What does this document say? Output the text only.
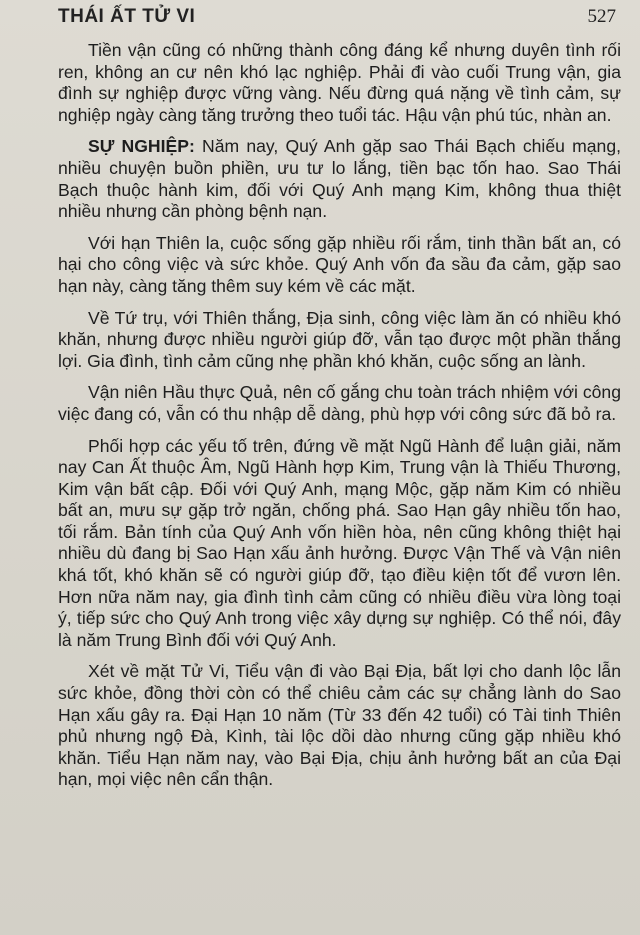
THÁI ẤT TỬ VI	527

Tiền vận cũng có những thành công đáng kể nhưng duyên tình rối ren, không an cư nên khó lạc nghiệp. Phải đi vào cuối Trung vận, gia đình sự nghiệp được vững vàng. Nếu đừng quá nặng về tình cảm, sự nghiệp ngày càng tăng trưởng theo tuổi tác. Hậu vận phú túc, nhàn an.

SỰ NGHIỆP: Năm nay, Quý Anh gặp sao Thái Bạch chiếu mạng, nhiều chuyện buồn phiền, ưu tư lo lắng, tiền bạc tốn hao. Sao Thái Bạch thuộc hành kim, đối với Quý Anh mạng Kim, không thua thiệt nhiều nhưng cần phòng bệnh nạn.

Với hạn Thiên la, cuộc sống gặp nhiều rối rắm, tinh thần bất an, có hại cho công việc và sức khỏe. Quý Anh vốn đa sầu đa cảm, gặp sao hạn này, càng tăng thêm suy kém về các mặt.

Về Tứ trụ, với Thiên thắng, Địa sinh, công việc làm ăn có nhiều khó khăn, nhưng được nhiều người giúp đỡ, vẫn tạo được một phần thắng lợi. Gia đình, tình cảm cũng nhẹ phần khó khăn, cuộc sống an lành.

Vận niên Hầu thực Quả, nên cố gắng chu toàn trách nhiệm với công việc đang có, vẫn có thu nhập dễ dàng, phù hợp với công sức đã bỏ ra.

Phối hợp các yếu tố trên, đứng về mặt Ngũ Hành để luận giải, năm nay Can Ất thuộc Âm, Ngũ Hành hợp Kim, Trung vận là Thiếu Thương, Kim vận bất cập. Đối với Quý Anh, mạng Mộc, gặp năm Kim có nhiều bất an, mưu sự gặp trở ngăn, chống phá. Sao Hạn gây nhiều tốn hao, tối rắm. Bản tính của Quý Anh vốn hiền hòa, nên cũng không thiệt hại nhiều dù đang bị Sao Hạn xấu ảnh hưởng. Được Vận Thế và Vận niên khá tốt, khó khăn sẽ có người giúp đỡ, tạo điều kiện tốt để vươn lên. Hơn nữa năm nay, gia đình tình cảm cũng có nhiều điều vừa lòng toại ý, tiếp sức cho Quý Anh trong việc xây dựng sự nghiệp. Có thể nói, đây là năm Trung Bình đối với Quý Anh.

Xét về mặt Tử Vi, Tiểu vận đi vào Bại Địa, bất lợi cho danh lộc lẫn sức khỏe, đồng thời còn có thể chiêu cảm các sự chẳng lành do Sao Hạn xấu gây ra. Đại Hạn 10 năm (Từ 33 đến 42 tuổi) có Tài tinh Thiên phủ nhưng ngộ Đà, Kình, tài lộc dồi dào nhưng cũng gặp nhiều khó khăn. Tiểu Hạn năm nay, vào Bại Địa, chịu ảnh hưởng bất an của Đại hạn, mọi việc nên cẩn thận.
